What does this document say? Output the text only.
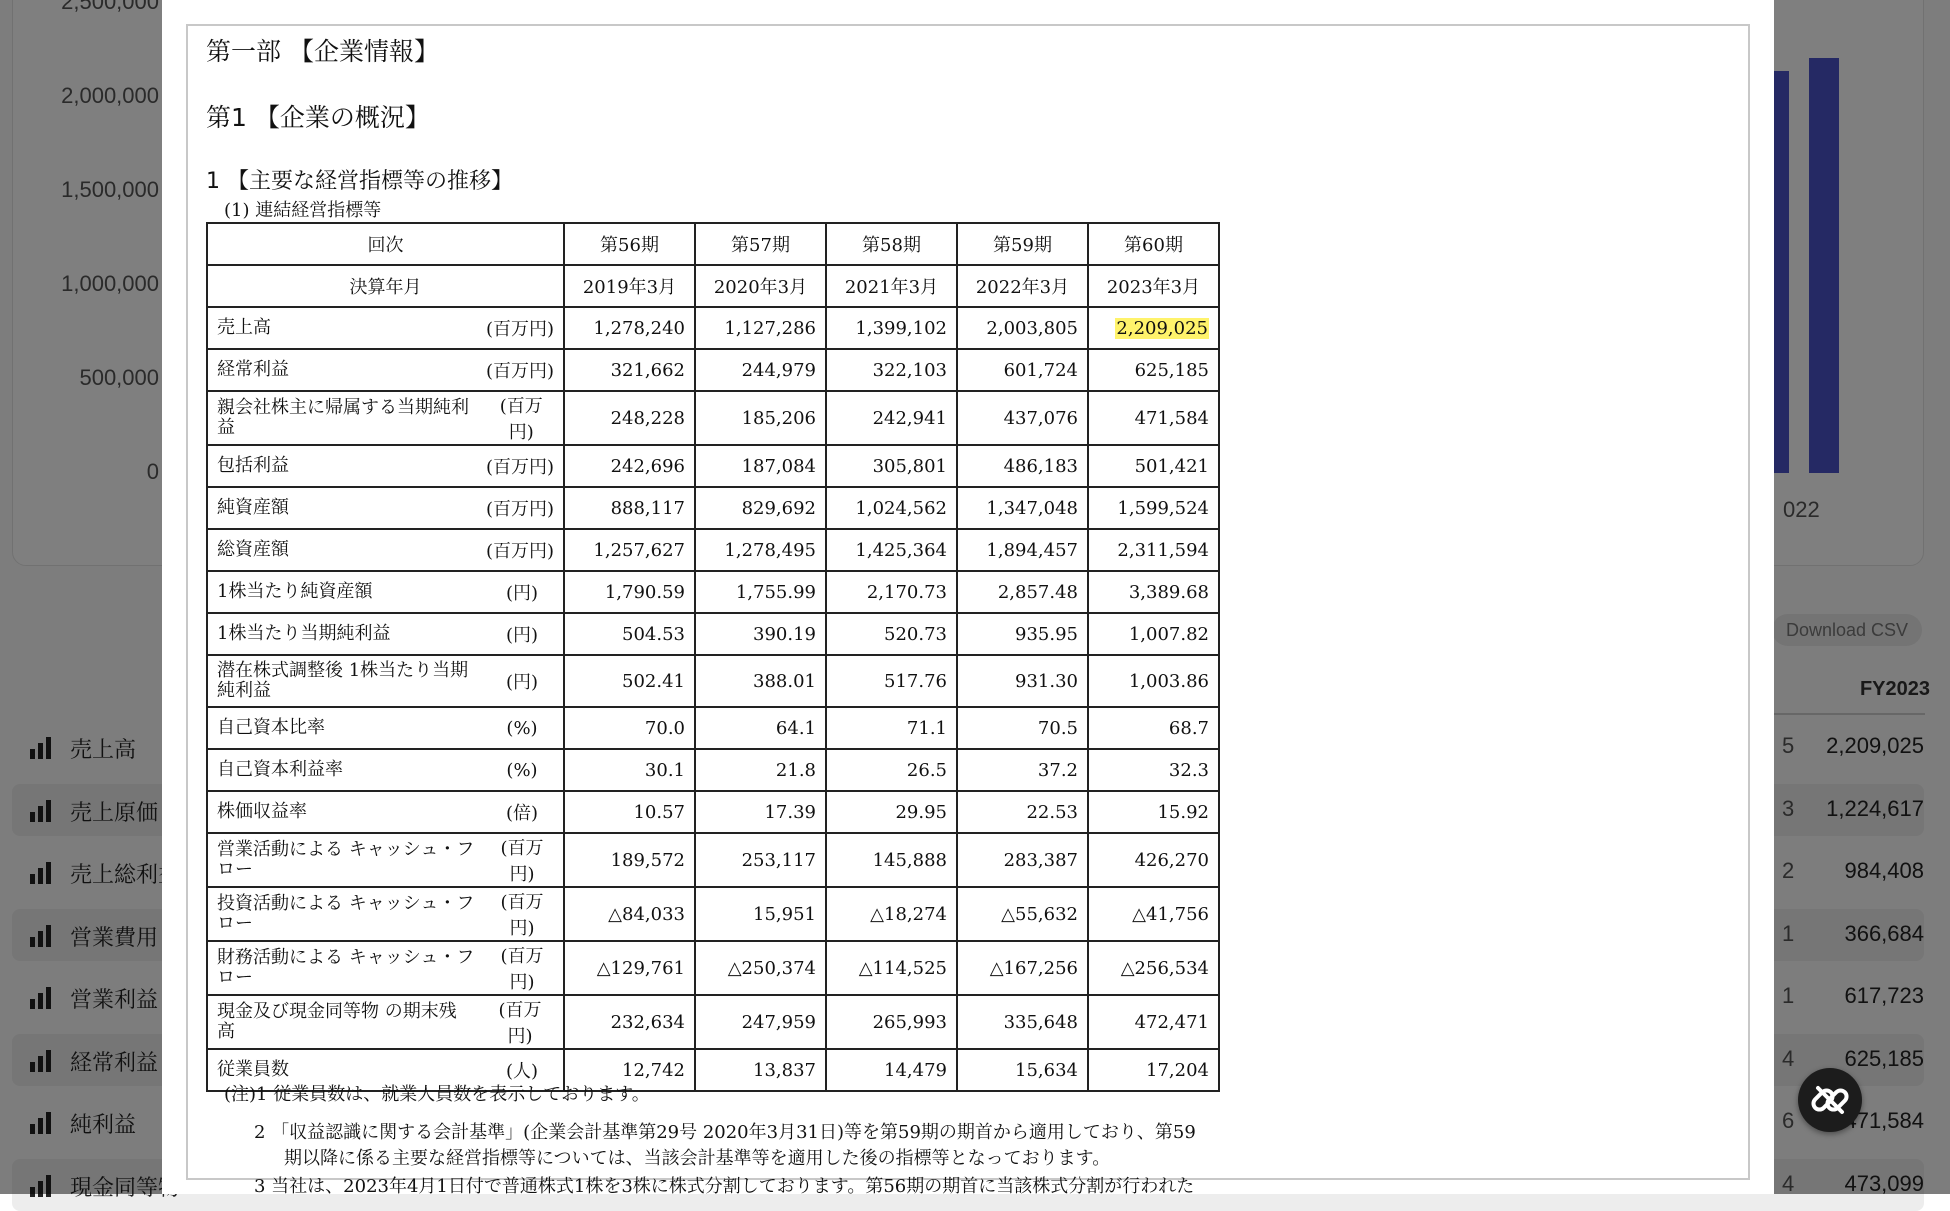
第一部 【企業情報】
第1 【企業の概況】
1 【主要な経営指標等の推移】
(1) 連結経営指標等
回次	第56期	第57期	第58期	第59期	第60期
決算年月	2019年3月	2020年3月	2021年3月	2022年3月	2023年3月

売上高 (百万円)	1,278,240	1,127,286	1,399,102	2,003,805	2,209,025

経常利益 (百万円)	321,662	244,979	322,103	601,724	625,185

親会社株主に帰属する当期純利益
(百万円)	248,228	185,206	242,941	437,076	471,584

包括利益 (百万円)	242,696	187,084	305,801	486,183	501,421

純資産額 (百万円)	888,117	829,692	1,024,562	1,347,048	1,599,524

総資産額 (百万円)	1,257,627	1,278,495	1,425,364	1,894,457	2,311,594

1株当たり純資産額 (円)	1,790.59	1,755.99	2,170.73	2,857.48	3,389.68

1株当たり当期純利益 (円)	504.53	390.19	520.73	935.95	1,007.82

潜在株式調整後 1株当たり当期純利益 (円)	502.41	388.01	517.76	931.30	1,003.86

自己資本比率 (%)	70.0	64.1	71.1	70.5	68.7

自己資本利益率 (%)	30.1	21.8	26.5	37.2	32.3

株価収益率 (倍)	10.57	17.39	29.95	22.53	15.92

営業活動による キャッシュ・フロー
(百万円)	189,572	253,117	145,888	283,387	426,270

投資活動による キャッシュ・フロー
(百万円)	△84,033	15,951	△18,274	△55,632	△41,756

財務活動による キャッシュ・フロー
(百万円)	△129,761	△250,374	△114,525	△167,256	△256,534

現金及び現金同等物 の期末残高
(百万円)	232,634	247,959	265,993	335,648	472,471

従業員数 (人)	12,742	13,837	14,479	15,634	17,204
(注)1 従業員数は、就業人員数を表示しております。
2 「収益認識に関する会計基準」(企業会計基準第29号 2020年3月31日)等を第59期の期首から適用しており、第59
期以降に係る主要な経営指標等については、当該会計基準等を適用した後の指標等となっております。
3 当社は、2023年4月1日付で普通株式1株を3株に株式分割しております。第56期の期首に当該株式分割が行われた
